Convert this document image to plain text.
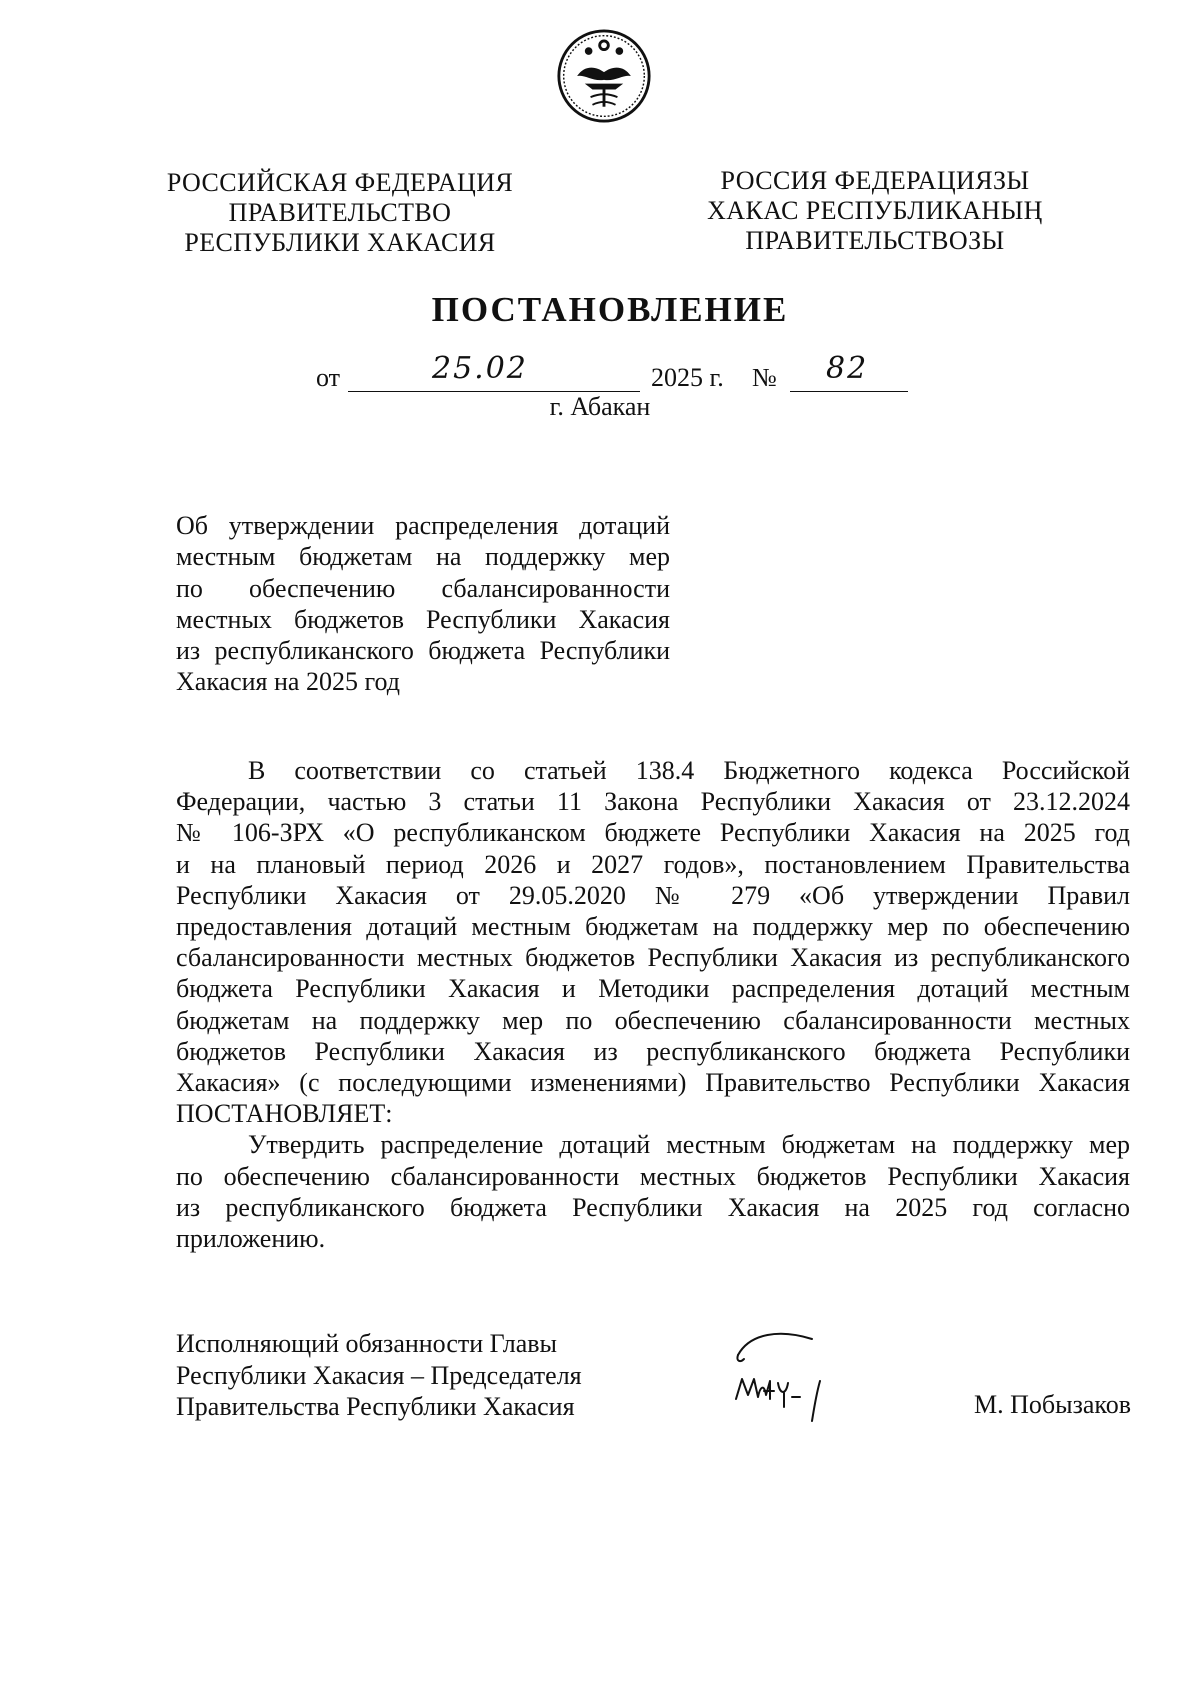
РОССИЙСКАЯ ФЕДЕРАЦИЯ
ПРАВИТЕЛЬСТВО
РЕСПУБЛИКИ ХАКАСИЯ
РОССИЯ ФЕДЕРАЦИЯЗЫ
ХАКАС РЕСПУБЛИКАНЫҢ
ПРАВИТЕЛЬСТВОЗЫ
ПОСТАНОВЛЕНИЕ
от	25.02	2025 г. № 82
г. Абакан
Об утверждении распределения дотаций
местным бюджетам на поддержку мер
по обеспечению сбалансированности
местных бюджетов Республики Хакасия
из республиканского бюджета Республики
Хакасия на 2025 год
В соответствии со статьей 138.4 Бюджетного кодекса Российской
Федерации, частью 3 статьи 11 Закона Республики Хакасия от 23.12.2024
№ 106-ЗРХ «О республиканском бюджете Республики Хакасия на 2025 год
и на плановый период 2026 и 2027 годов», постановлением Правительства
Республики Хакасия от 29.05.2020 № 279 «Об утверждении Правил
предоставления дотаций местным бюджетам на поддержку мер по обеспечению
сбалансированности местных бюджетов Республики Хакасия из республиканского
бюджета Республики Хакасия и Методики распределения дотаций местным
бюджетам на поддержку мер по обеспечению сбалансированности местных
бюджетов Республики Хакасия из республиканского бюджета Республики
Хакасия» (с последующими изменениями) Правительство Республики Хакасия
ПОСТАНОВЛЯЕТ:
Утвердить распределение дотаций местным бюджетам на поддержку мер
по обеспечению сбалансированности местных бюджетов Республики Хакасия
из республиканского бюджета Республики Хакасия на 2025 год согласно
приложению.
Исполняющий обязанности Главы
Республики Хакасия – Председателя
Правительства Республики Хакасия	М. Побызаков
